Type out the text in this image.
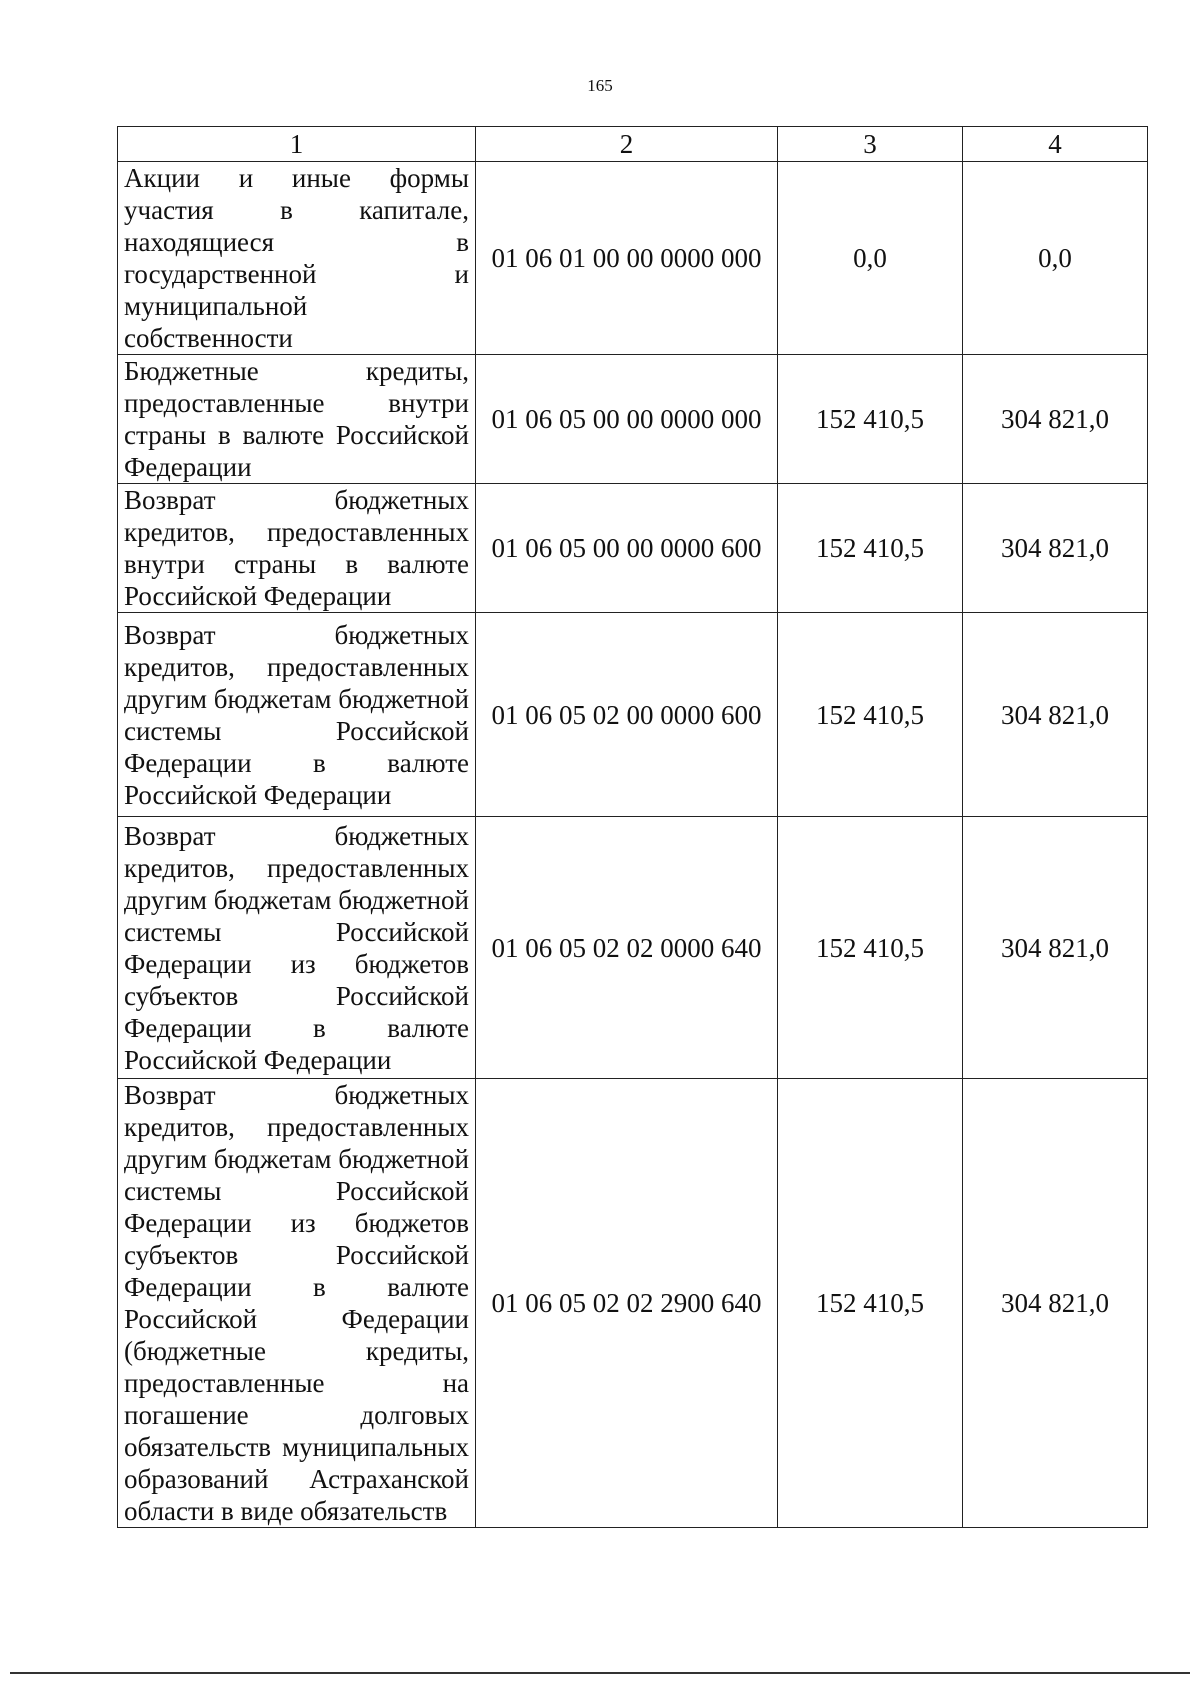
165
1	2	3	4
Акции и иные формы участия в капитале, находящиеся в государственной и муниципальной собственности	01 06 01 00 00 0000 000	0,0	0,0
Бюджетные кредиты, предоставленные внутри страны в валюте Российской Федерации	01 06 05 00 00 0000 000	152 410,5	304 821,0
Возврат бюджетных кредитов, предоставленных внутри страны в валюте Российской Федерации	01 06 05 00 00 0000 600	152 410,5	304 821,0
Возврат бюджетных кредитов, предоставленных другим бюджетам бюджетной системы Российской Федерации в валюте Российской Федерации	01 06 05 02 00 0000 600	152 410,5	304 821,0
Возврат бюджетных кредитов, предоставленных другим бюджетам бюджетной системы Российской Федерации из бюджетов субъектов Российской Федерации в валюте Российской Федерации	01 06 05 02 02 0000 640	152 410,5	304 821,0
Возврат бюджетных кредитов, предоставленных другим бюджетам бюджетной системы Российской Федерации из бюджетов субъектов Российской Федерации в валюте Российской Федерации (бюджетные кредиты, предоставленные на погашение долговых обязательств муниципальных образований Астраханской области в виде обязательств	01 06 05 02 02 2900 640	152 410,5	304 821,0
